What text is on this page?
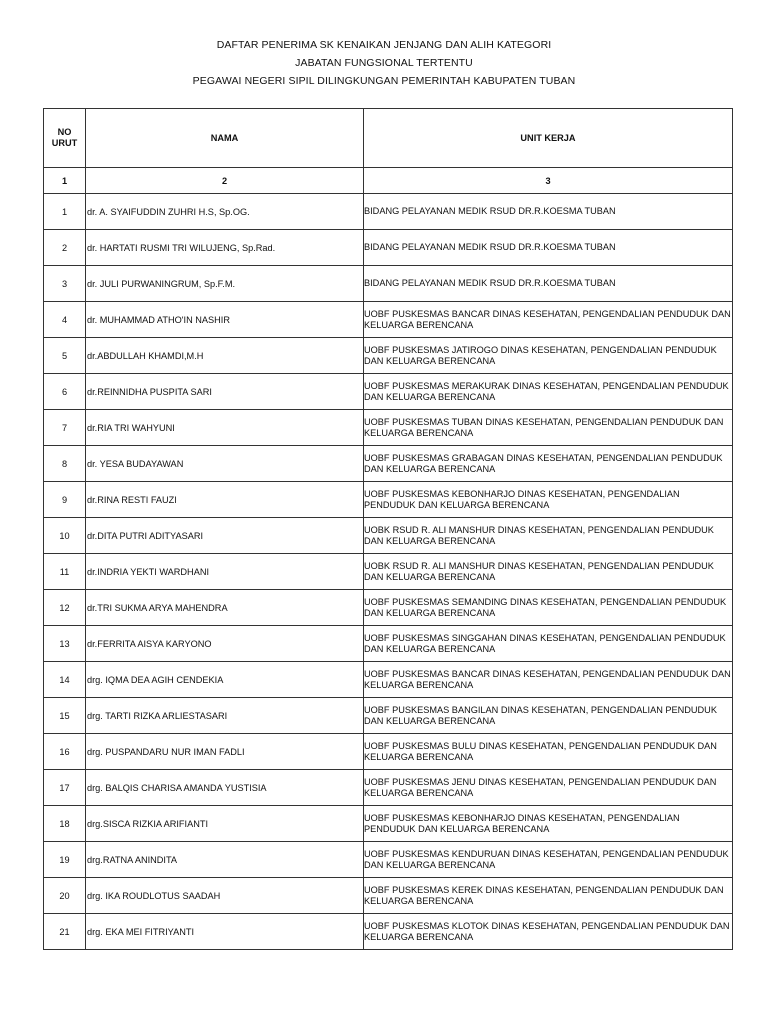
DAFTAR PENERIMA SK KENAIKAN JENJANG DAN ALIH KATEGORI
JABATAN FUNGSIONAL TERTENTU
PEGAWAI NEGERI SIPIL DILINGKUNGAN PEMERINTAH KABUPATEN TUBAN
NO URUT	NAMA	UNIT KERJA
1	2	3
1	dr. A. SYAIFUDDIN ZUHRI H.S, Sp.OG.	BIDANG PELAYANAN MEDIK RSUD DR.R.KOESMA TUBAN
2	dr. HARTATI RUSMI TRI WILUJENG, Sp.Rad.	BIDANG PELAYANAN MEDIK RSUD DR.R.KOESMA TUBAN
3	dr. JULI PURWANINGRUM, Sp.F.M.	BIDANG PELAYANAN MEDIK RSUD DR.R.KOESMA TUBAN
4	dr. MUHAMMAD ATHO'IN NASHIR	UOBF PUSKESMAS BANCAR DINAS KESEHATAN, PENGENDALIAN PENDUDUK DAN KELUARGA BERENCANA
5	dr.ABDULLAH KHAMDI,M.H	UOBF PUSKESMAS JATIROGO DINAS KESEHATAN, PENGENDALIAN PENDUDUK DAN KELUARGA BERENCANA
6	dr.REINNIDHA PUSPITA SARI	UOBF PUSKESMAS MERAKURAK DINAS KESEHATAN, PENGENDALIAN PENDUDUK DAN KELUARGA BERENCANA
7	dr.RIA TRI WAHYUNI	UOBF PUSKESMAS TUBAN DINAS KESEHATAN, PENGENDALIAN PENDUDUK DAN KELUARGA BERENCANA
8	dr. YESA BUDAYAWAN	UOBF PUSKESMAS GRABAGAN DINAS KESEHATAN, PENGENDALIAN PENDUDUK DAN KELUARGA BERENCANA
9	dr.RINA RESTI FAUZI	UOBF PUSKESMAS KEBONHARJO DINAS KESEHATAN, PENGENDALIAN PENDUDUK DAN KELUARGA BERENCANA
10	dr.DITA PUTRI ADITYASARI	UOBK RSUD R. ALI MANSHUR DINAS KESEHATAN, PENGENDALIAN PENDUDUK DAN KELUARGA BERENCANA
11	dr.INDRIA YEKTI WARDHANI	UOBK RSUD R. ALI MANSHUR DINAS KESEHATAN, PENGENDALIAN PENDUDUK DAN KELUARGA BERENCANA
12	dr.TRI SUKMA ARYA MAHENDRA	UOBF PUSKESMAS SEMANDING DINAS KESEHATAN, PENGENDALIAN PENDUDUK DAN KELUARGA BERENCANA
13	dr.FERRITA AISYA KARYONO	UOBF PUSKESMAS SINGGAHAN DINAS KESEHATAN, PENGENDALIAN PENDUDUK DAN KELUARGA BERENCANA
14	drg. IQMA DEA AGIH CENDEKIA	UOBF PUSKESMAS BANCAR DINAS KESEHATAN, PENGENDALIAN PENDUDUK DAN KELUARGA BERENCANA
15	drg. TARTI RIZKA ARLIESTASARI	UOBF PUSKESMAS BANGILAN DINAS KESEHATAN, PENGENDALIAN PENDUDUK DAN KELUARGA BERENCANA
16	drg. PUSPANDARU NUR IMAN FADLI	UOBF PUSKESMAS BULU DINAS KESEHATAN, PENGENDALIAN PENDUDUK DAN KELUARGA BERENCANA
17	drg. BALQIS CHARISA AMANDA YUSTISIA	UOBF PUSKESMAS JENU DINAS KESEHATAN, PENGENDALIAN PENDUDUK DAN KELUARGA BERENCANA
18	drg.SISCA RIZKIA ARIFIANTI	UOBF PUSKESMAS KEBONHARJO DINAS KESEHATAN, PENGENDALIAN PENDUDUK DAN KELUARGA BERENCANA
19	drg.RATNA ANINDITA	UOBF PUSKESMAS KENDURUAN DINAS KESEHATAN, PENGENDALIAN PENDUDUK DAN KELUARGA BERENCANA
20	drg. IKA ROUDLOTUS SAADAH	UOBF PUSKESMAS KEREK DINAS KESEHATAN, PENGENDALIAN PENDUDUK DAN KELUARGA BERENCANA
21	drg. EKA MEI FITRIYANTI	UOBF PUSKESMAS KLOTOK DINAS KESEHATAN, PENGENDALIAN PENDUDUK DAN KELUARGA BERENCANA
